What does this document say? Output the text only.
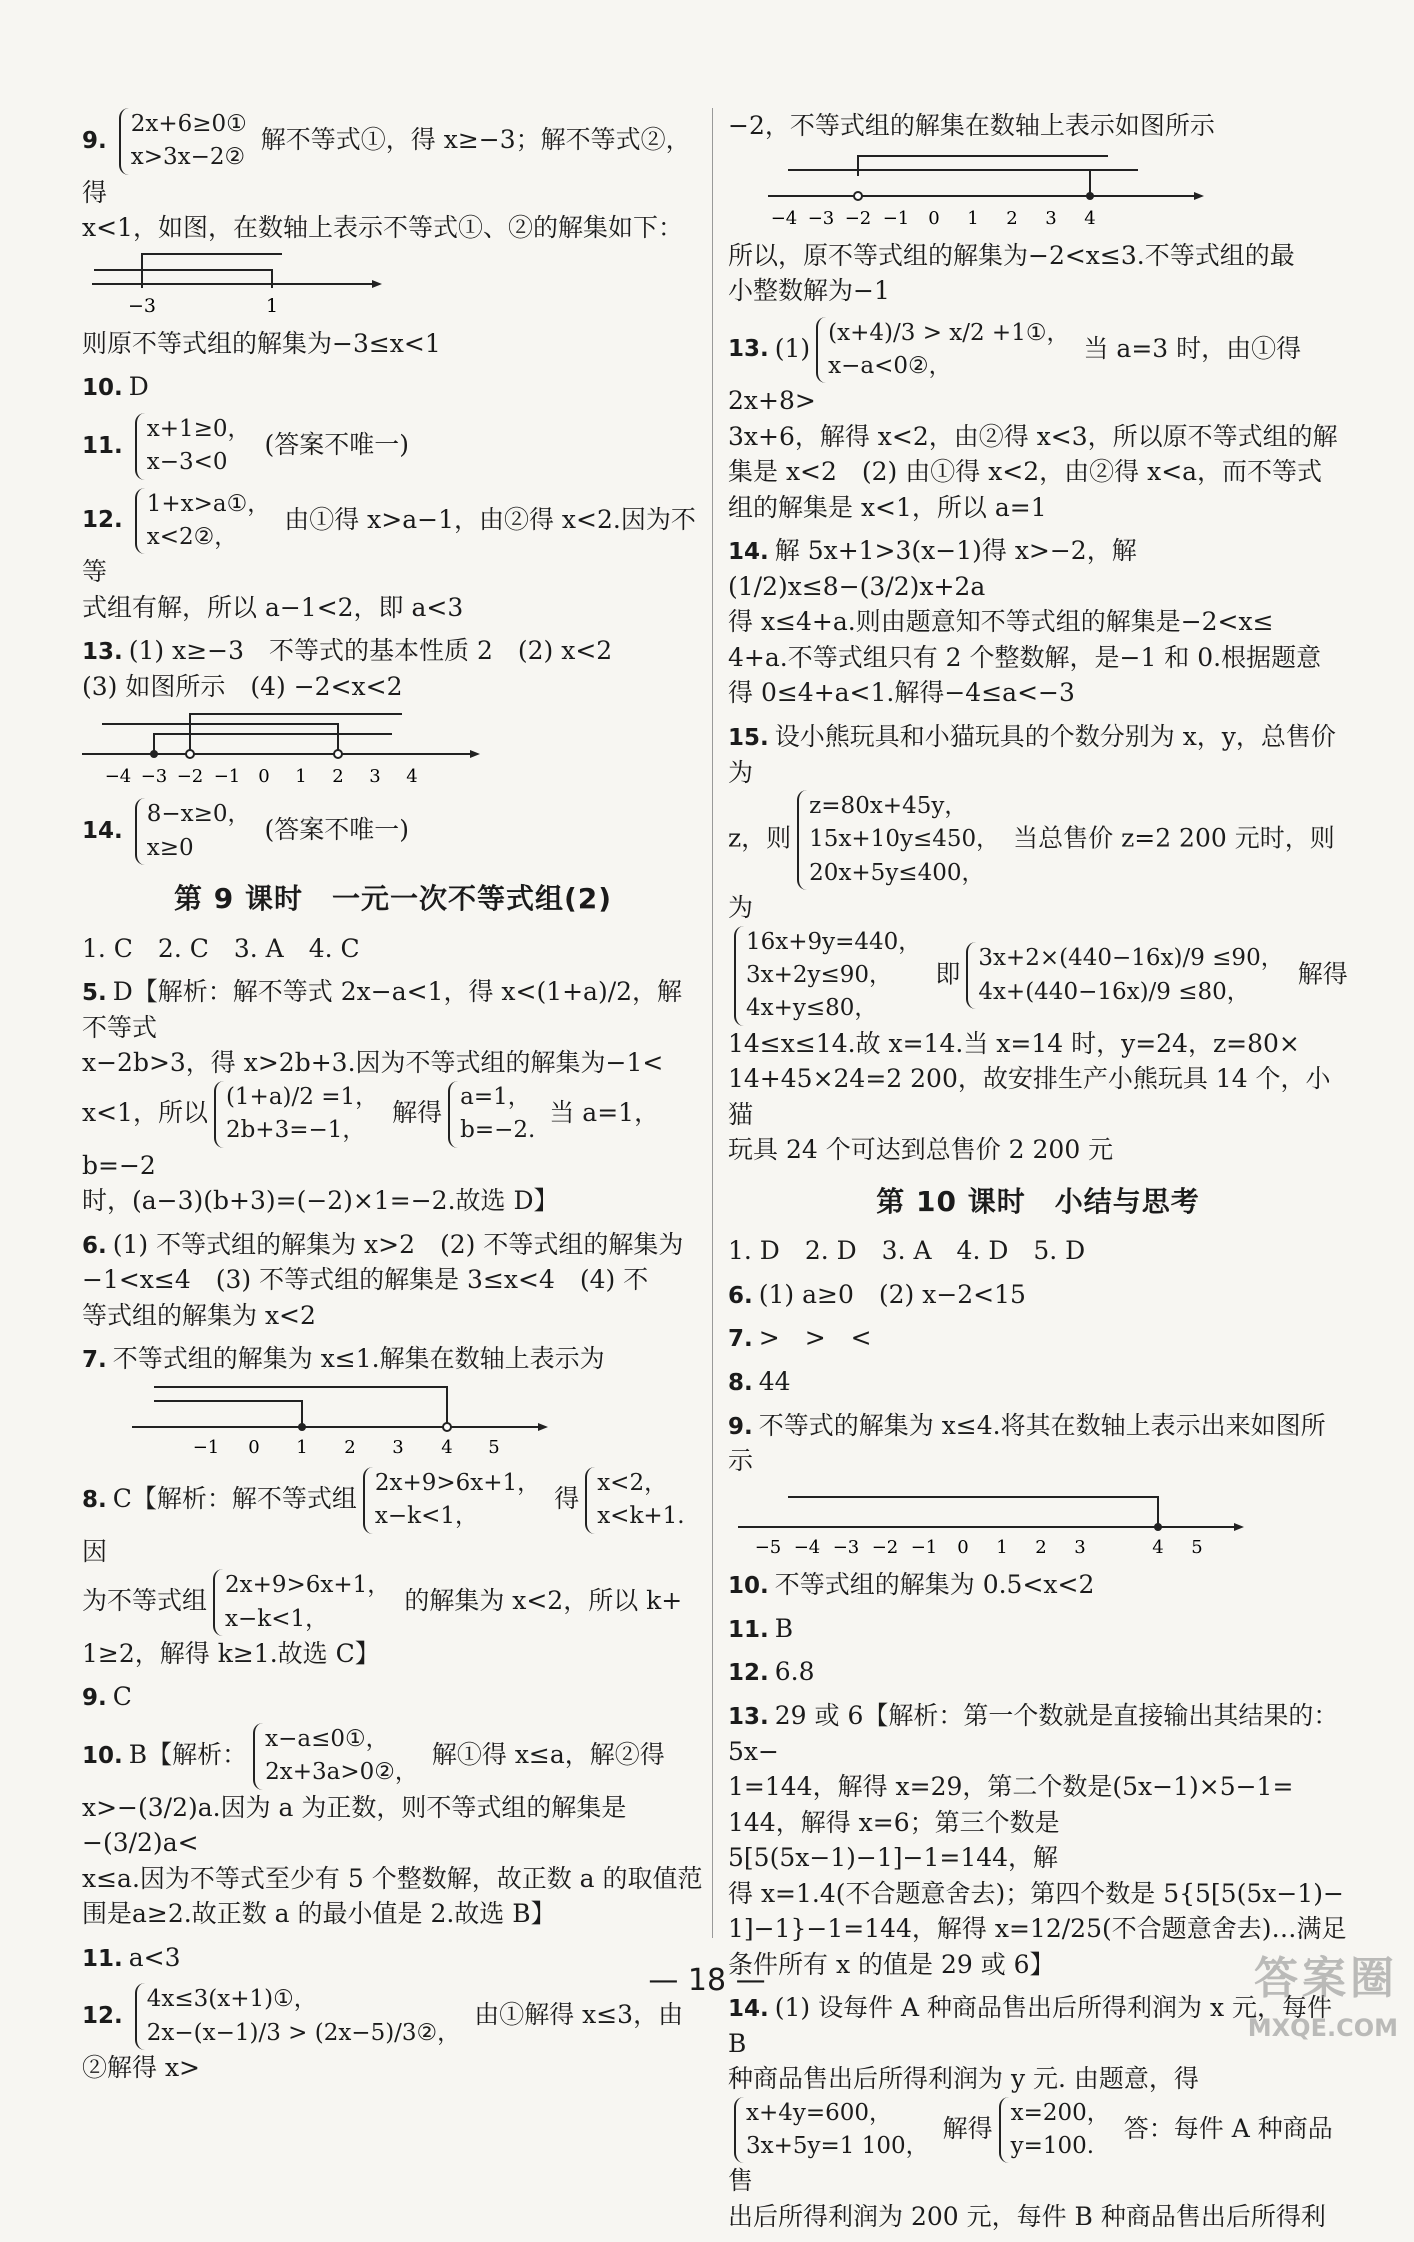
9.
2x+6≥0①
x>3x−2②
解不等式①，得 x≥−3；解不等式②，得
x<1，如图，在数轴上表示不等式①、②的解集如下：
−3	1
则原不等式组的解集为−3≤x<1
10. D
11.
x+1≥0，
x−3<0
(答案不唯一)
12.
1+x>a①，
x<2②，
由①得 x>a−1，由②得 x<2.因为不等
式组有解，所以 a−1<2，即 a<3
13. (1) x≥−3　不等式的基本性质 2　(2) x<2
(3) 如图所示　(4) −2<x<2
−4 −3 −2 −1 0 1 2 3 4
14.
8−x≥0，
x≥0
(答案不唯一)
第 9 课时　一元一次不等式组(2)
1. C　2. C　3. A　4. C
5. D【解析：解不等式 2x−a<1，得 x<(1+a)/2，解不等式
x−2b>3，得 x>2b+3.因为不等式组的解集为−1<
x<1，所以
(1+a)/2 =1，
2b+3=−1，
解得
a=1，
b=−2.
当 a=1，b=−2
时，(a−3)(b+3)=(−2)×1=−2.故选 D】
6. (1) 不等式组的解集为 x>2　(2) 不等式组的解集为
−1<x≤4　(3) 不等式组的解集是 3≤x<4　(4) 不
等式组的解集为 x<2
7. 不等式组的解集为 x≤1.解集在数轴上表示为
−1 0 1 2 3 4 5
8. C【解析：解不等式组
2x+9>6x+1，
x−k<1，
得
x<2，
x<k+1.
因
为不等式组
2x+9>6x+1，
x−k<1，
的解集为 x<2，所以 k+
1≥2，解得 k≥1.故选 C】
9. C
10. B【解析：
x−a≤0①，
2x+3a>0②，
解①得 x≤a，解②得
x>−(3/2)a.因为 a 为正数，则不等式组的解集是−(3/2)a<
x≤a.因为不等式至少有 5 个整数解，故正数 a 的取值范
围是a≥2.故正数 a 的最小值是 2.故选 B】
11. a<3
12.
4x≤3(x+1)①，
2x−(x−1)/3 > (2x−5)/3②，
由①解得 x≤3，由②解得 x>
−2，不等式组的解集在数轴上表示如图所示
−4 −3 −2 −1 0 1 2 3 4
所以，原不等式组的解集为−2<x≤3.不等式组的最
小整数解为−1
13. (1)
(x+4)/3 > x/2 +1①，
x−a<0②，
当 a=3 时，由①得 2x+8>
3x+6，解得 x<2，由②得 x<3，所以原不等式组的解
集是 x<2　(2) 由①得 x<2，由②得 x<a，而不等式
组的解集是 x<1，所以 a=1
14. 解 5x+1>3(x−1)得 x>−2，解 (1/2)x≤8−(3/2)x+2a
得 x≤4+a.则由题意知不等式组的解集是−2<x≤
4+a.不等式组只有 2 个整数解，是−1 和 0.根据题意
得 0≤4+a<1.解得−4≤a<−3
15. 设小熊玩具和小猫玩具的个数分别为 x，y，总售价为
z，则
z=80x+45y，
15x+10y≤450，
20x+5y≤400，
当总售价 z=2 200 元时，则为

16x+9y=440，
3x+2y≤90，
4x+y≤80，
即
3x+2×(440−16x)/9 ≤90，
4x+(440−16x)/9 ≤80，
解得
14≤x≤14.故 x=14.当 x=14 时，y=24，z=80×
14+45×24=2 200，故安排生产小熊玩具 14 个，小猫
玩具 24 个可达到总售价 2 200 元
第 10 课时　小结与思考
1. D　2. D　3. A　4. D　5. D
6. (1) a≥0　(2) x−2<15
7. >　>　<
8. 44
9. 不等式的解集为 x≤4.将其在数轴上表示出来如图所示
−5 −4 −3 −2 −1 0 1 2 3	4 5
10. 不等式组的解集为 0.5<x<2
11. B
12. 6.8
13. 29 或 6【解析：第一个数就是直接输出其结果的：5x−
1=144，解得 x=29，第二个数是(5x−1)×5−1=
144，解得 x=6；第三个数是 5[5(5x−1)−1]−1=144，解
得 x=1.4(不合题意舍去)；第四个数是 5{5[5(5x−1)−
1]−1}−1=144，解得 x=12/25(不合题意舍去)…满足
条件所有 x 的值是 29 或 6】
14. (1) 设每件 A 种商品售出后所得利润为 x 元，每件 B
种商品售出后所得利润为 y 元. 由题意，得

x+4y=600，
3x+5y=1 100，
解得
x=200，
y=100.
答：每件 A 种商品售
出后所得利润为 200 元，每件 B 种商品售出后所得利
— 18 —	答案圈
MXQE.COM
